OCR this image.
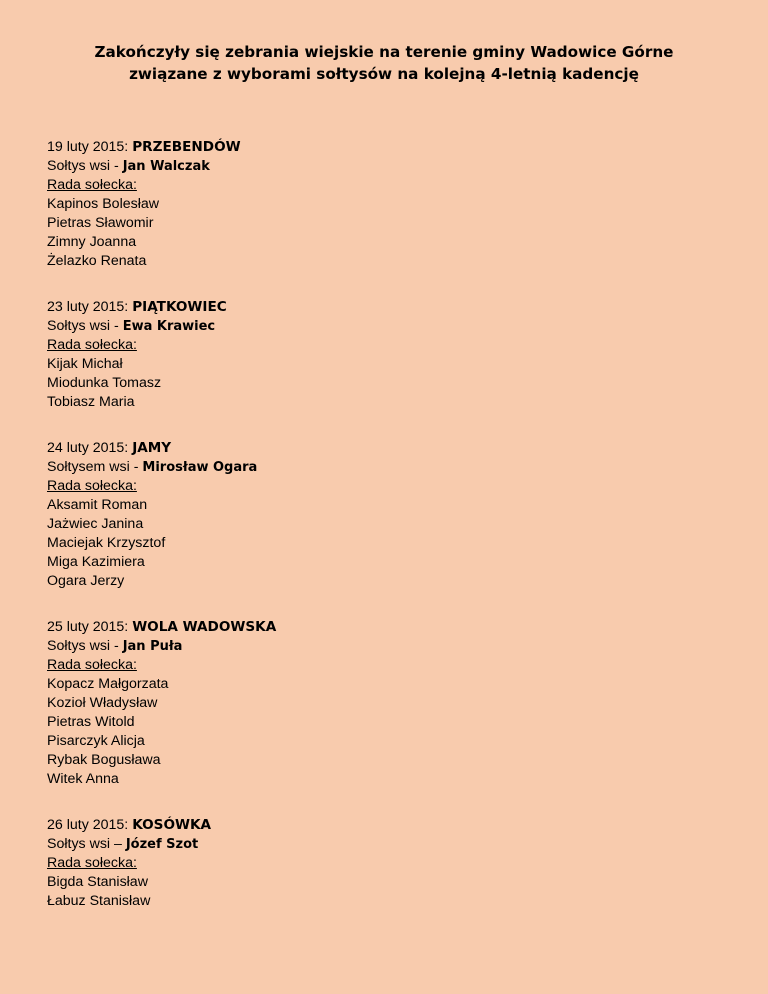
Zakończyły się zebrania wiejskie na terenie gminy Wadowice Górne
związane z wyborami sołtysów na kolejną 4-letnią kadencję
19 luty 2015: PRZEBENDÓW
Sołtys wsi - Jan Walczak
Rada sołecka:
Kapinos Bolesław
Pietras Sławomir
Zimny Joanna
Żelazko Renata
23 luty 2015: PIĄTKOWIEC
Sołtys wsi - Ewa Krawiec
Rada sołecka:
Kijak Michał
Miodunka Tomasz
Tobiasz Maria
24 luty 2015: JAMY
Sołtysem wsi - Mirosław Ogara
Rada sołecka:
Aksamit Roman
Jażwiec Janina
Maciejak Krzysztof
Miga Kazimiera
Ogara Jerzy
25 luty 2015: WOLA WADOWSKA
Sołtys wsi - Jan Puła
Rada sołecka:
Kopacz Małgorzata
Kozioł Władysław
Pietras Witold
Pisarczyk Alicja
Rybak Bogusława
Witek Anna
26 luty 2015: KOSÓWKA
Sołtys wsi – Józef Szot
Rada sołecka:
Bigda Stanisław
Łabuz Stanisław
